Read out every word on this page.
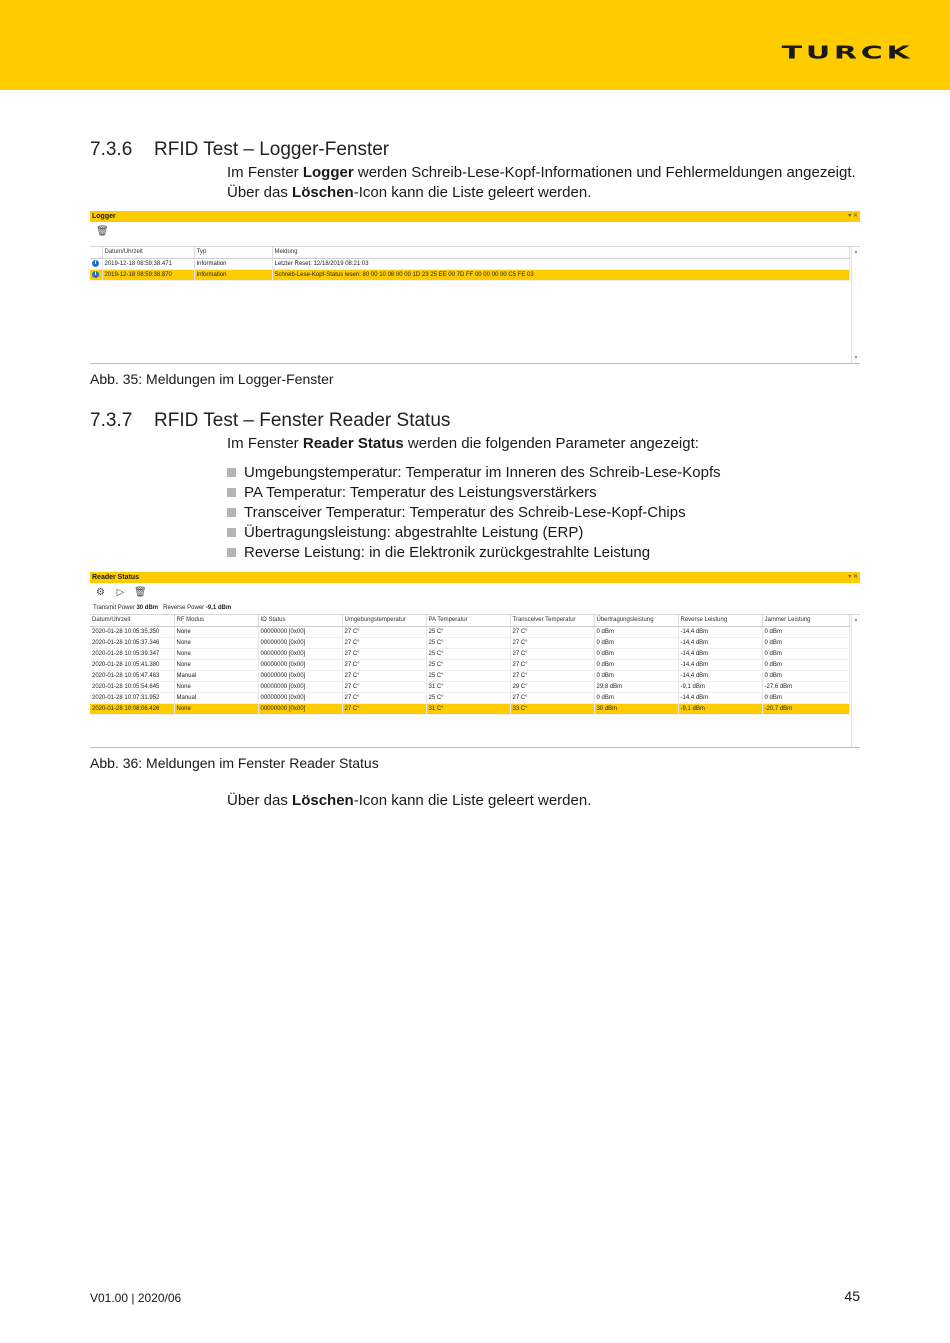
TURCK
7.3.6 RFID Test – Logger-Fenster
Im Fenster Logger werden Schreib-Lese-Kopf-Informationen und Fehlermeldungen angezeigt.
Über das Löschen-Icon kann die Liste geleert werden.
Logger	▾ ✕
🗑
	Datum/Uhrzeit	Typ	Meldung
i	2019-12-18 08:59:38.471	Information	Letzter Reset: 12/18/2019 08:21:03
i	2019-12-18 08:59:38.870	Information	Schreib-Lese-Kopf-Status lesen: 80 00 10 08 00 00 1D 23 25 EE 00 7D FF 00 00 00 00 C5 FE 03
▲
▼
Abb. 35: Meldungen im Logger-Fenster
7.3.7 RFID Test – Fenster Reader Status
Im Fenster Reader Status werden die folgenden Parameter angezeigt:
Umgebungstemperatur: Temperatur im Inneren des Schreib-Lese-Kopfs
PA Temperatur: Temperatur des Leistungsverstärkers
Transceiver Temperatur: Temperatur des Schreib-Lese-Kopf-Chips
Übertragungsleistung: abgestrahlte Leistung (ERP)
Reverse Leistung: in die Elektronik zurückgestrahlte Leistung
Reader Status	▾ ✕
⚙ ▷ 🗑
Transmit Power 30 dBm Reverse Power -9,1 dBm
Datum/Uhrzeit	RF Modus	IO Status	Umgebungstemperatur	PA Temperatur	Transceiver Temperatur	Übertragungsleistung	Reverse Leistung	Jammer Leistung
2020-01-28 10:05:35.350	None	00000000 [0x00]	27 C°	25 C°	27 C°	0 dBm	-14,4 dBm	0 dBm
2020-01-28 10:05:37.346	None	00000000 [0x00]	27 C°	25 C°	27 C°	0 dBm	-14,4 dBm	0 dBm
2020-01-28 10:05:39.347	None	00000000 [0x00]	27 C°	25 C°	27 C°	0 dBm	-14,4 dBm	0 dBm
2020-01-28 10:05:41.380	None	00000000 [0x00]	27 C°	25 C°	27 C°	0 dBm	-14,4 dBm	0 dBm
2020-01-28 10:05:47.463	Manual	00000000 [0x00]	27 C°	25 C°	27 C°	0 dBm	-14,4 dBm	0 dBm
2020-01-28 10:05:54.645	None	00000000 [0x00]	27 C°	31 C°	29 C°	29,8 dBm	-9,1 dBm	-27,6 dBm
2020-01-28 10:07:31.952	Manual	00000000 [0x00]	27 C°	25 C°	27 C°	0 dBm	-14,4 dBm	0 dBm
2020-01-28 10:08:06.426	None	00000000 [0x00]	27 C°	31 C°	33 C°	30 dBm	-9,1 dBm	-20,7 dBm
▲
Abb. 36: Meldungen im Fenster Reader Status
Über das Löschen-Icon kann die Liste geleert werden.
V01.00 | 2020/06	45
